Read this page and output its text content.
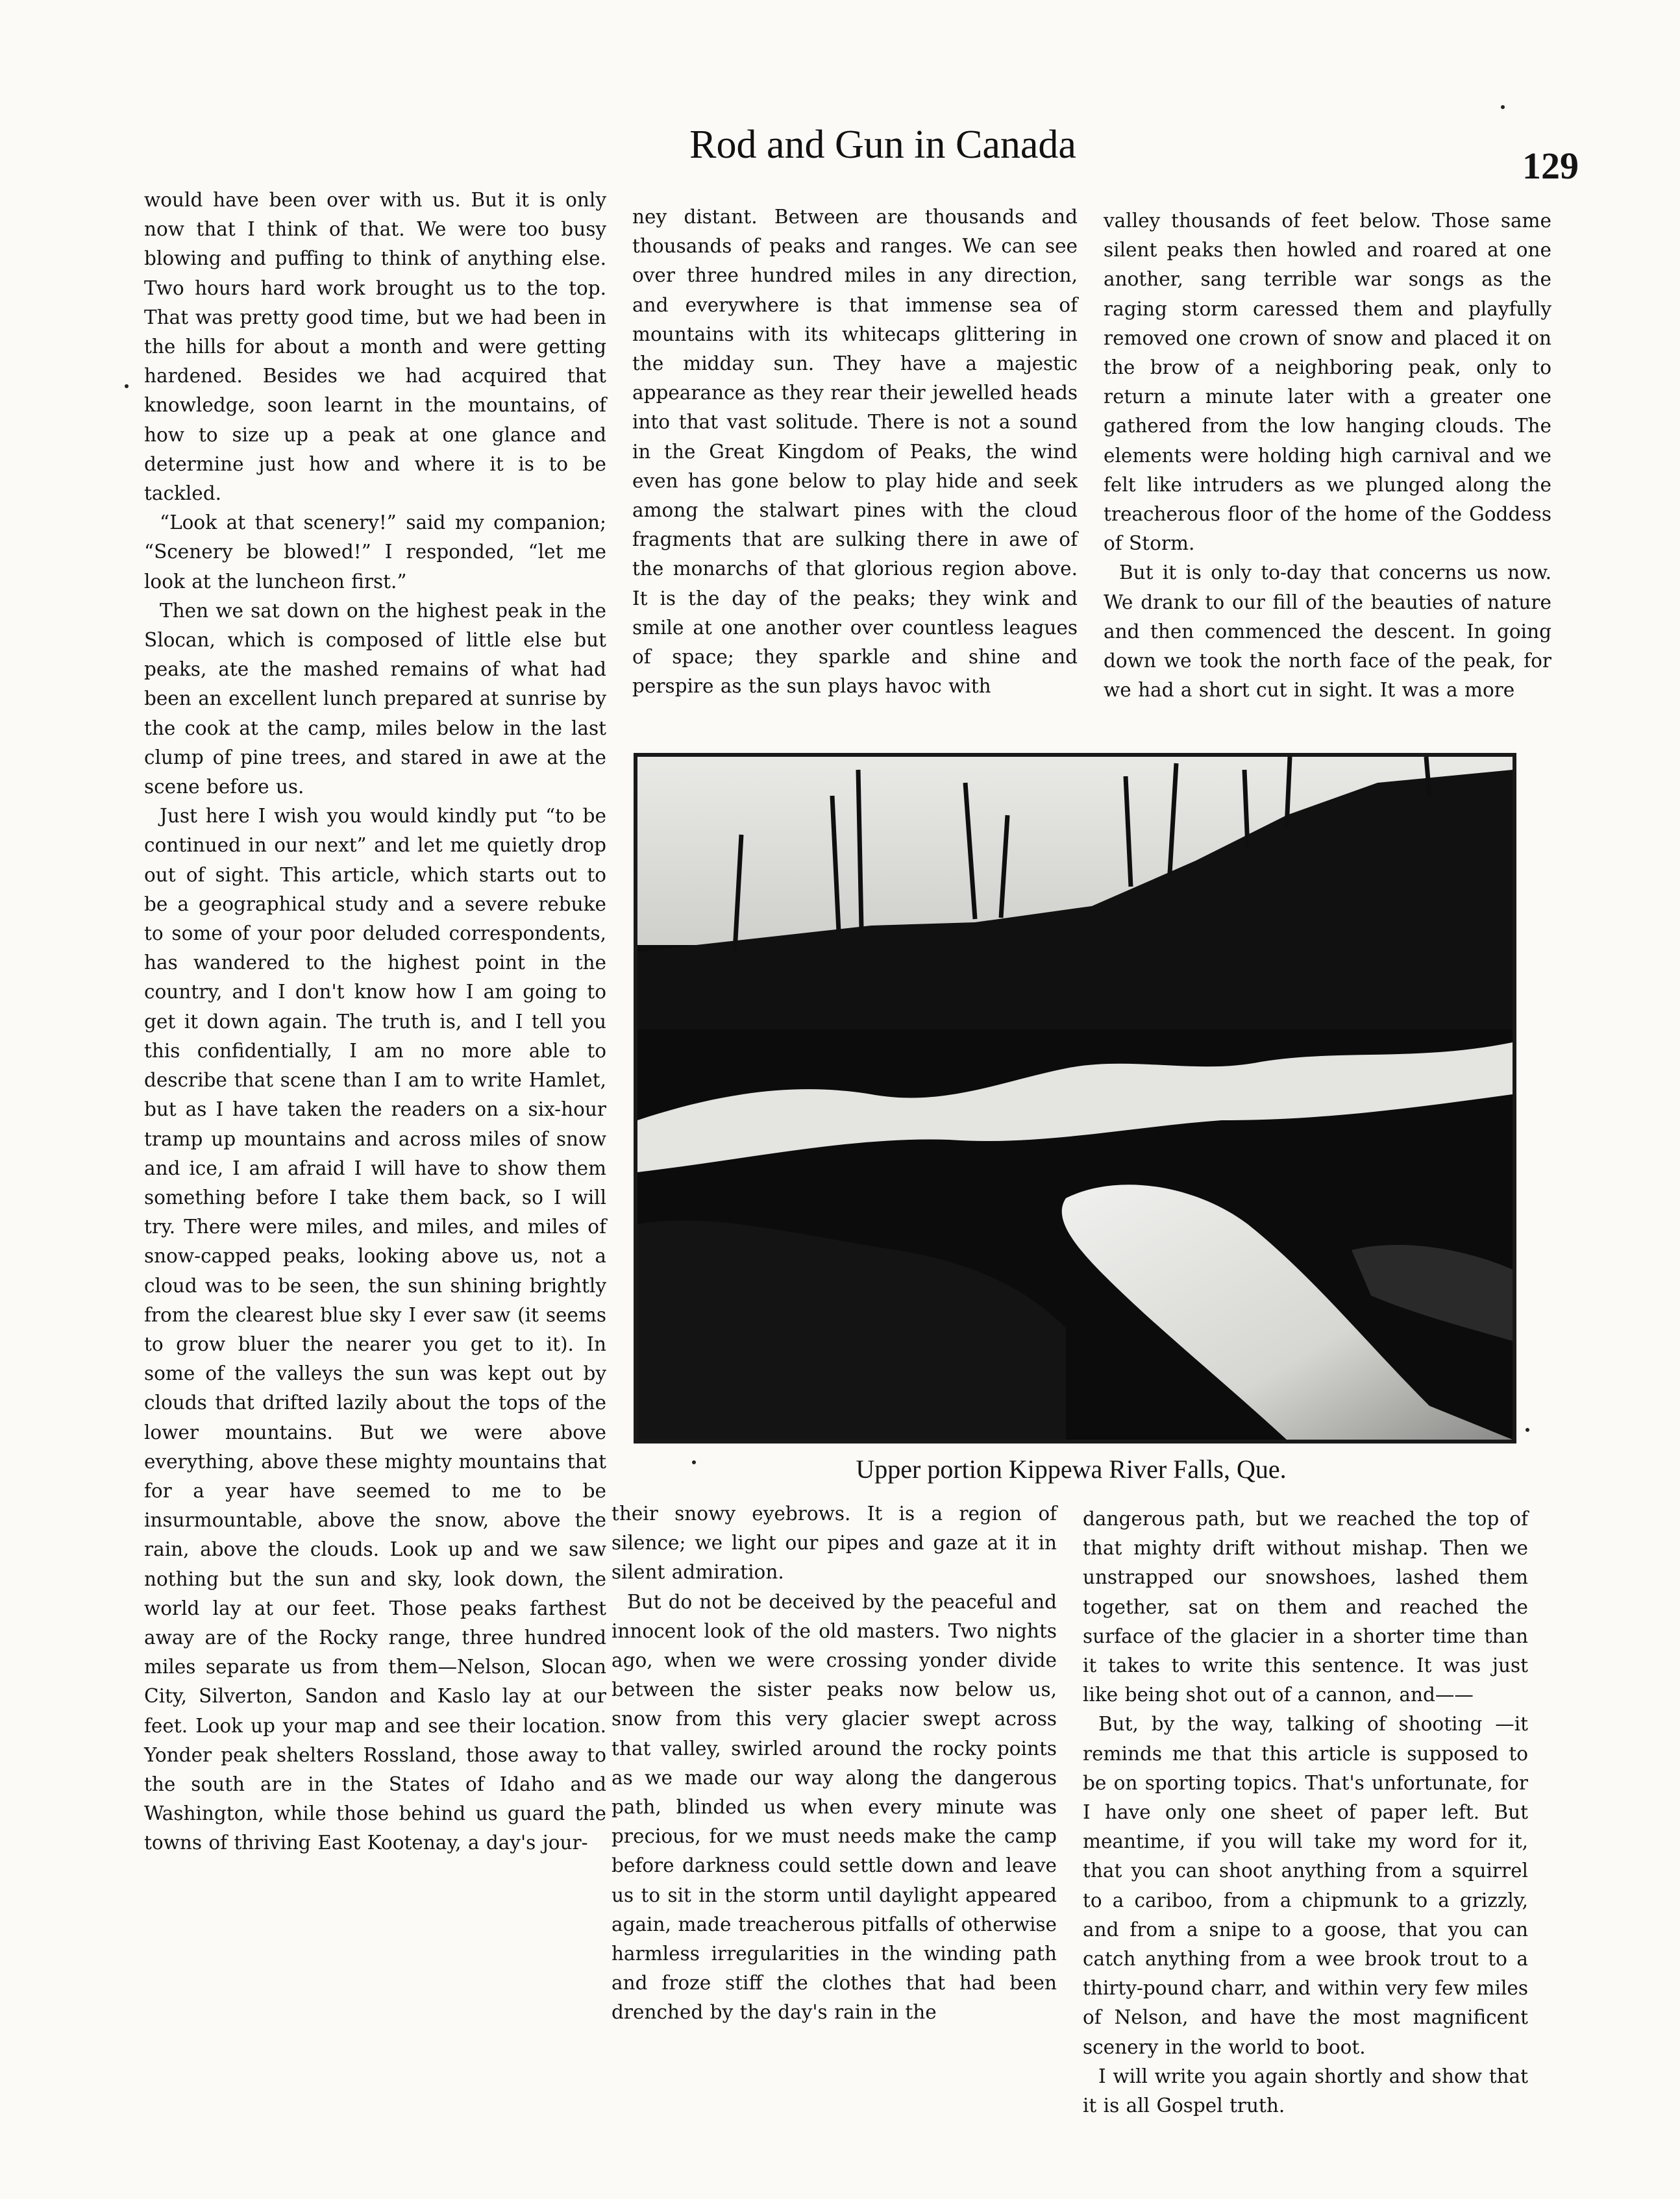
Rod and Gun in Canada	129

would have been over with us. But it is only now that I think of that. We were too busy blowing and puffing to think of anything else. Two hours hard work brought us to the top. That was pretty good time, but we had been in the hills for about a month and were getting hardened. Besides we had acquired that knowledge, soon learnt in the mountains, of how to size up a peak at one glance and determine just how and where it is to be tackled.

“Look at that scenery!” said my companion; “Scenery be blowed!” I responded, “let me look at the luncheon first.”

Then we sat down on the highest peak in the Slocan, which is composed of little else but peaks, ate the mashed remains of what had been an excellent lunch prepared at sunrise by the cook at the camp, miles below in the last clump of pine trees, and stared in awe at the scene before us.

Just here I wish you would kindly put “to be continued in our next” and let me quietly drop out of sight. This article, which starts out to be a geographical study and a severe rebuke to some of your poor deluded correspondents, has wandered to the highest point in the country, and I don't know how I am going to get it down again. The truth is, and I tell you this confidentially, I am no more able to describe that scene than I am to write Hamlet, but as I have taken the readers on a six-hour tramp up mountains and across miles of snow and ice, I am afraid I will have to show them something before I take them back, so I will try. There were miles, and miles, and miles of snow-capped peaks, looking above us, not a cloud was to be seen, the sun shining brightly from the clearest blue sky I ever saw (it seems to grow bluer the nearer you get to it). In some of the valleys the sun was kept out by clouds that drifted lazily about the tops of the lower mountains. But we were above everything, above these mighty mountains that for a year have seemed to me to be insurmountable, above the snow, above the rain, above the clouds. Look up and we saw nothing but the sun and sky, look down, the world lay at our feet. Those peaks farthest away are of the Rocky range, three hundred miles separate us from them—Nelson, Slocan City, Silverton, Sandon and Kaslo lay at our feet. Look up your map and see their location. Yonder peak shelters Rossland, those away to the south are in the States of Idaho and Washington, while those behind us guard the towns of thriving East Kootenay, a day's jour-

ney distant. Between are thousands and thousands of peaks and ranges. We can see over three hundred miles in any direction, and everywhere is that immense sea of mountains with its whitecaps glittering in the midday sun. They have a majestic appearance as they rear their jewelled heads into that vast solitude. There is not a sound in the Great Kingdom of Peaks, the wind even has gone below to play hide and seek among the stalwart pines with the cloud fragments that are sulking there in awe of the monarchs of that glorious region above. It is the day of the peaks; they wink and smile at one another over countless leagues of space; they sparkle and shine and perspire as the sun plays havoc with

valley thousands of feet below. Those same silent peaks then howled and roared at one another, sang terrible war songs as the raging storm caressed them and playfully removed one crown of snow and placed it on the brow of a neighboring peak, only to return a minute later with a greater one gathered from the low hanging clouds. The elements were holding high carnival and we felt like intruders as we plunged along the treacherous floor of the home of the Goddess of Storm.

But it is only to-day that concerns us now. We drank to our fill of the beauties of nature and then commenced the descent. In going down we took the north face of the peak, for we had a short cut in sight. It was a more

Upper portion Kippewa River Falls, Que.

their snowy eyebrows. It is a region of silence; we light our pipes and gaze at it in silent admiration.

But do not be deceived by the peaceful and innocent look of the old masters. Two nights ago, when we were crossing yonder divide between the sister peaks now below us, snow from this very glacier swept across that valley, swirled around the rocky points as we made our way along the dangerous path, blinded us when every minute was precious, for we must needs make the camp before darkness could settle down and leave us to sit in the storm until daylight appeared again, made treacherous pitfalls of otherwise harmless irregularities in the winding path and froze stiff the clothes that had been drenched by the day's rain in the

dangerous path, but we reached the top of that mighty drift without mishap. Then we unstrapped our snowshoes, lashed them together, sat on them and reached the surface of the glacier in a shorter time than it takes to write this sentence. It was just like being shot out of a cannon, and——

But, by the way, talking of shooting —it reminds me that this article is supposed to be on sporting topics. That's unfortunate, for I have only one sheet of paper left. But meantime, if you will take my word for it, that you can shoot anything from a squirrel to a cariboo, from a chipmunk to a grizzly, and from a snipe to a goose, that you can catch anything from a wee brook trout to a thirty-pound charr, and within very few miles of Nelson, and have the most magnificent scenery in the world to boot.

I will write you again shortly and show that it is all Gospel truth.
